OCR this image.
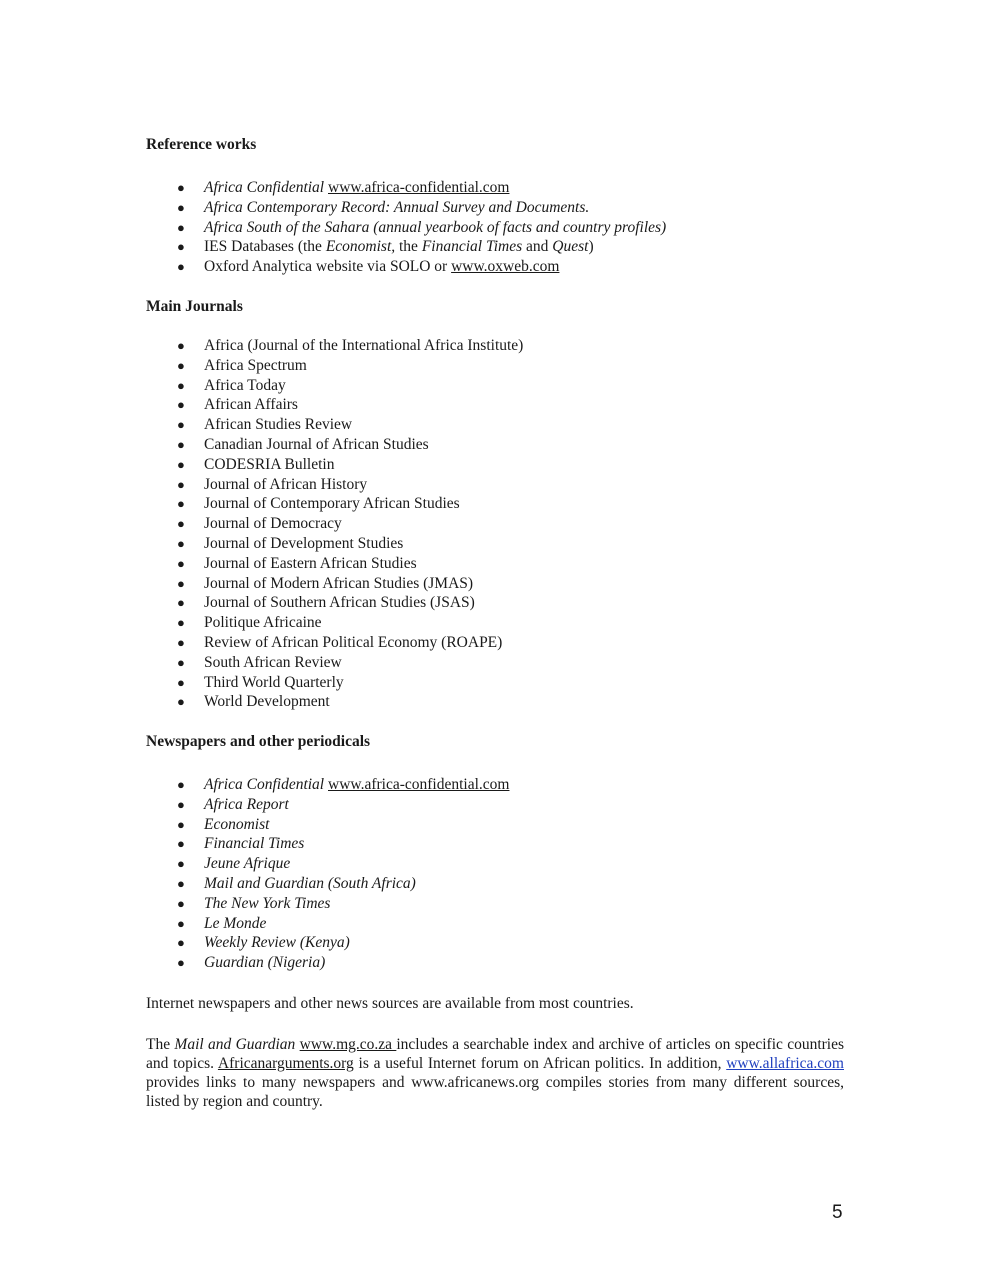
Reference works
● Africa Confidential www.africa-confidential.com
● Africa Contemporary Record: Annual Survey and Documents.
● Africa South of the Sahara (annual yearbook of facts and country profiles)
● IES Databases (the Economist, the Financial Times and Quest)
● Oxford Analytica website via SOLO or www.oxweb.com
Main Journals
● Africa (Journal of the International Africa Institute)
● Africa Spectrum
● Africa Today
● African Affairs
● African Studies Review
● Canadian Journal of African Studies
● CODESRIA Bulletin
● Journal of African History
● Journal of Contemporary African Studies
● Journal of Democracy
● Journal of Development Studies
● Journal of Eastern African Studies
● Journal of Modern African Studies (JMAS)
● Journal of Southern African Studies (JSAS)
● Politique Africaine
● Review of African Political Economy (ROAPE)
● South African Review
● Third World Quarterly
● World Development
Newspapers and other periodicals
● Africa Confidential www.africa-confidential.com
● Africa Report
● Economist
● Financial Times
● Jeune Afrique
● Mail and Guardian (South Africa)
● The New York Times
● Le Monde
● Weekly Review (Kenya)
● Guardian (Nigeria)

Internet newspapers and other news sources are available from most countries.

The Mail and Guardian www.mg.co.za includes a searchable index and archive of articles on specific countries and topics. Africanarguments.org is a useful Internet forum on African politics. In addition, www.allafrica.com provides links to many newspapers and www.africanews.org compiles stories from many different sources, listed by region and country.

5
